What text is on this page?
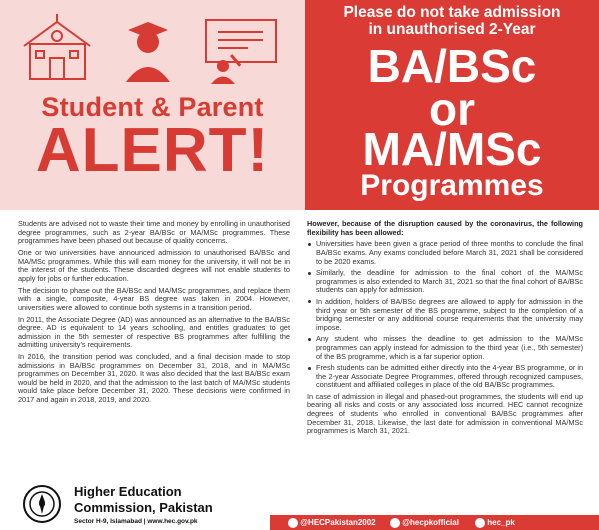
Student & Parent
ALERT!
Please do not take admission
in unauthorised 2-Year
BA/BSc
or
MA/MSc
Programmes

Students are advised not to waste their time and money by enrolling in unauthorised degree programmes, such as 2-year BA/BSc or MA/MSc programmes. These programmes have been phased out because of quality concerns.

One or two universities have announced admission to unauthorised BA/BSc and MA/MSc programmes. While this will earn money for the university, it will not be in the interest of the students. These discarded degrees will not enable students to apply for jobs or further education.

The decision to phase out the BA/BSc and MA/MSc programmes, and replace them with a single, composite, 4-year BS degree was taken in 2004. However, universities were allowed to continue both systems in a transition period.

In 2011, the Associate Degree (AD) was announced as an alternative to the BA/BSc degree. AD is equivalent to 14 years schooling, and entitles graduates to get admission in the 5th semester of respective BS programmes after fulfilling the admitting university's requirements.

In 2016, the transition period was concluded, and a final decision made to stop admissions in BA/BSc programmes on December 31, 2018, and in MA/MSc programmes on December 31, 2020. It was also decided that the last BA/BSc exam would be held in 2020, and that the admission to the last batch of MA/MSc students would take place before December 31, 2020. These decisions were confirmed in 2017 and again in 2018, 2019, and 2020.

However, because of the disruption caused by the coronavirus, the following flexibility has been allowed:

Universities have been given a grace period of three months to conclude the final BA/BSc exams. Any exams concluded before March 31, 2021 shall be considered to be 2020 exams.
Similarly, the deadline for admission to the final cohort of the MA/MSc programmes is also extended to March 31, 2021 so that the final cohort of BA/BSc students can apply for admission.
In addition, holders of BA/BSc degrees are allowed to apply for admission in the third year or 5th semester of the BS programme, subject to the completion of a bridging semester or any additional course requirements that the university may impose.
Any student who misses the deadline to get admission to the MA/MSc programmes can apply instead for admission to the third year (i.e., 5th semester) of the BS programme, which is a far superior option.
Fresh students can be admitted either directly into the 4-year BS programme, or in the 2-year Associate Degree Programmes, offered through recognized campuses, constituent and affiliated colleges in place of the old BA/BSc programmes.

In case of admission in illegal and phased-out programmes, the students will end up bearing all risks and costs or any associated loss incurred. HEC cannot recognize degrees of students who enrolled in conventional BA/BSc programmes after December 31, 2018. Likewise, the last date for admission in conventional MA/MSc programmes is March 31, 2021.

Higher Education
Commission, Pakistan
Sector H-9, Islamabad | www.hec.gov.pk	@HECPakistan2002	@hecpkofficial	hec_pk
